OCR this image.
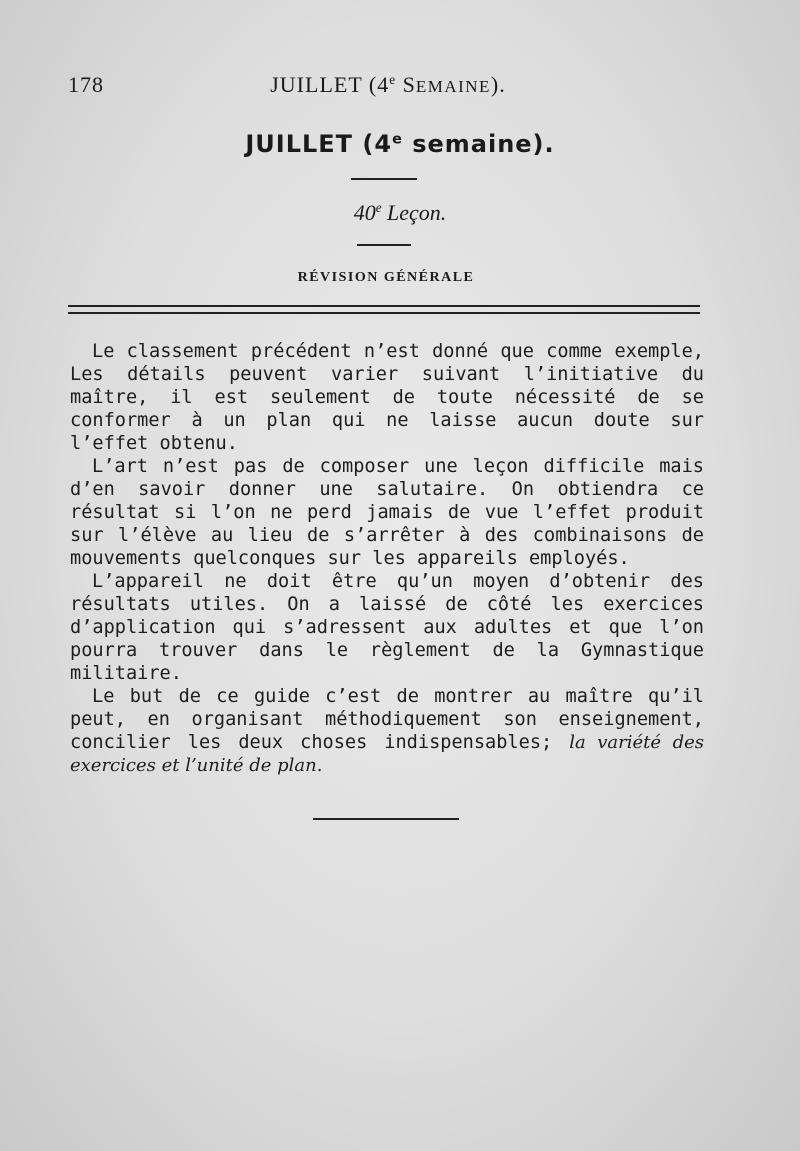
178	JUILLET (4e SEMAINE).
JUILLET (4e semaine).
40e Leçon.
RÉVISION GÉNÉRALE

Le classement précédent n’est donné que comme exemple, Les détails peuvent varier suivant l’initiative du maître, il est seulement de toute nécessité de se conformer à un plan qui ne laisse aucun doute sur l’effet obtenu.

L’art n’est pas de composer une leçon difficile mais d’en savoir donner une salutaire. On obtiendra ce résultat si l’on ne perd jamais de vue l’effet produit sur l’élève au lieu de s’arrêter à des combinaisons de mouvements quelconques sur les appareils employés.

L’appareil ne doit être qu’un moyen d’obtenir des résultats utiles. On a laissé de côté les exercices d’application qui s’adressent aux adultes et que l’on pourra trouver dans le règlement de la Gymnastique militaire.

Le but de ce guide c’est de montrer au maître qu’il peut, en organisant méthodiquement son enseignement, concilier les deux choses indispensables; la variété des exercices et l’unité de plan.
